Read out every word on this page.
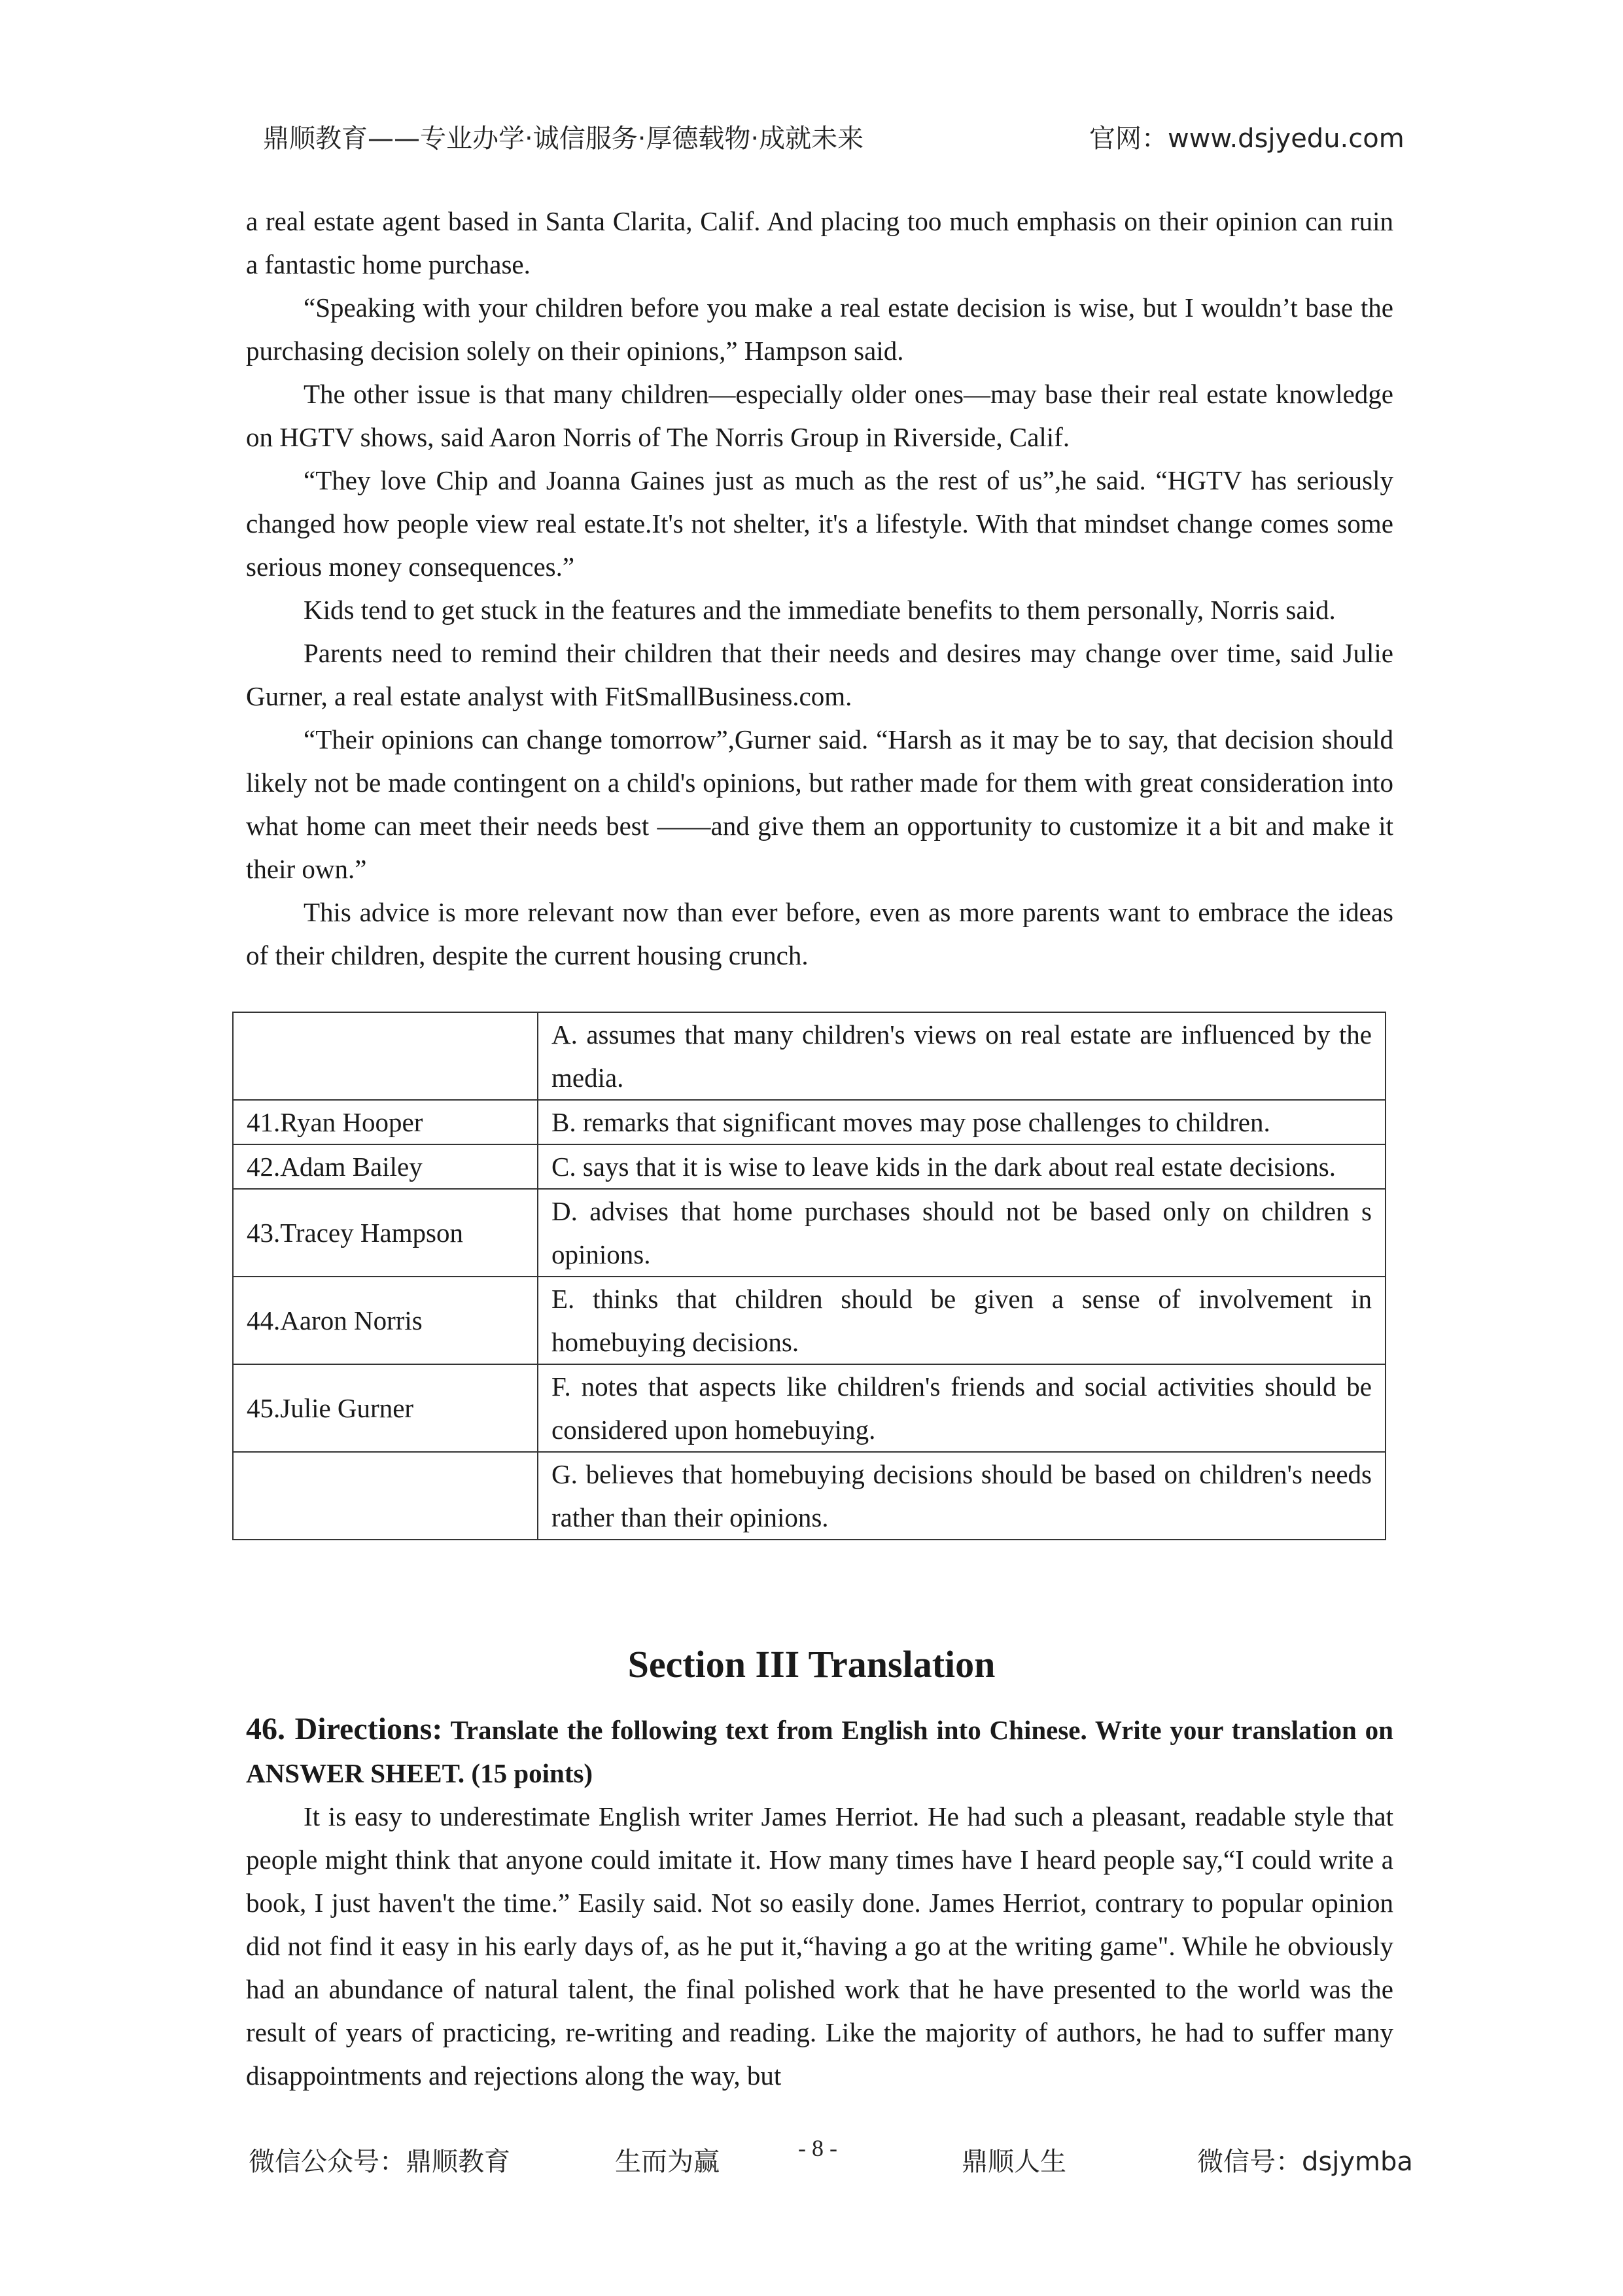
鼎顺教育——专业办学·诚信服务·厚德载物·成就未来	官网：www.dsjyedu.com

a real estate agent based in Santa Clarita, Calif. And placing too much emphasis on their opinion can ruin a fantastic home purchase.

“Speaking with your children before you make a real estate decision is wise, but I wouldn’t base the purchasing decision solely on their opinions,” Hampson said.

The other issue is that many children—especially older ones—may base their real estate knowledge on HGTV shows, said Aaron Norris of The Norris Group in Riverside, Calif.

“They love Chip and Joanna Gaines just as much as the rest of us”,he said. “HGTV has seriously changed how people view real estate.It's not shelter, it's a lifestyle. With that mindset change comes some serious money consequences.”

Kids tend to get stuck in the features and the immediate benefits to them personally, Norris said.

Parents need to remind their children that their needs and desires may change over time, said Julie Gurner, a real estate analyst with FitSmallBusiness.com.

“Their opinions can change tomorrow”,Gurner said. “Harsh as it may be to say, that decision should likely not be made contingent on a child's opinions, but rather made for them with great consideration into what home can meet their needs best ——and give them an opportunity to customize it a bit and make it their own.”

This advice is more relevant now than ever before, even as more parents want to embrace the ideas of their children, despite the current housing crunch.

	A. assumes that many children's views on real estate are influenced by the media.
41.Ryan Hooper	B. remarks that significant moves may pose challenges to children.
42.Adam Bailey	C. says that it is wise to leave kids in the dark about real estate decisions.
43.Tracey Hampson	D. advises that home purchases should not be based only on children s opinions.
44.Aaron Norris	E. thinks that children should be given a sense of involvement in homebuying decisions.
45.Julie Gurner	F. notes that aspects like children's friends and social activities should be considered upon homebuying.
	G. believes that homebuying decisions should be based on children's needs rather than their opinions.
Section III Translation

46. Directions: Translate the following text from English into Chinese. Write your translation on ANSWER SHEET. (15 points)

It is easy to underestimate English writer James Herriot. He had such a pleasant, readable style that people might think that anyone could imitate it. How many times have I heard people say,“I could write a book, I just haven't the time.” Easily said. Not so easily done. James Herriot, contrary to popular opinion did not find it easy in his early days of, as he put it,“having a go at the writing game". While he obviously had an abundance of natural talent, the final polished work that he have presented to the world was the result of years of practicing, re-writing and reading. Like the majority of authors, he had to suffer many disappointments and rejections along the way, but

微信公众号：鼎顺教育	生而为赢	- 8 -	鼎顺人生	微信号：dsjymba
